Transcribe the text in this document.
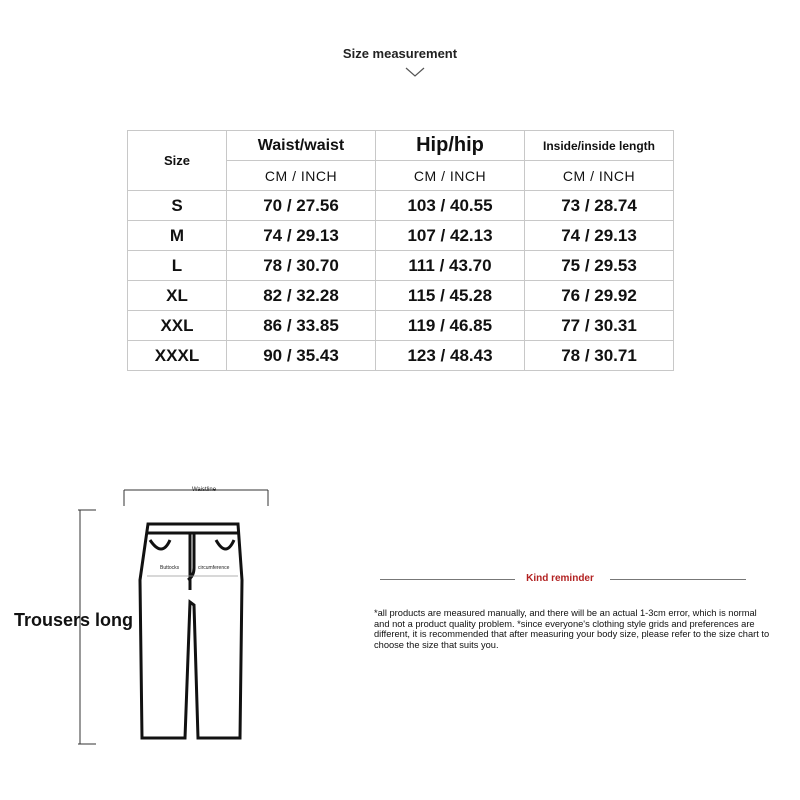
Size measurement
Size	Waist/waist	Hip/hip	Inside/inside length
	CM / INCH	CM / INCH	CM / INCH
S	70 / 27.56	103 / 40.55	73 / 28.74
M	74 / 29.13	107 / 42.13	74 / 29.13
L	78 / 30.70	111 / 43.70	75 / 29.53
XL	82 / 32.28	115 / 45.28	76 / 29.92
XXL	86 / 33.85	119 / 46.85	77 / 30.31
XXXL	90 / 35.43	123 / 48.43	78 / 30.71
Waistline
Buttocks	circumference
Trousers long
Kind reminder
*all products are measured manually, and there will be an actual 1-3cm error, which is normal and not a product quality problem. *since everyone's clothing style grids and preferences are different, it is recommended that after measuring your body size, please refer to the size chart to choose the size that suits you.
